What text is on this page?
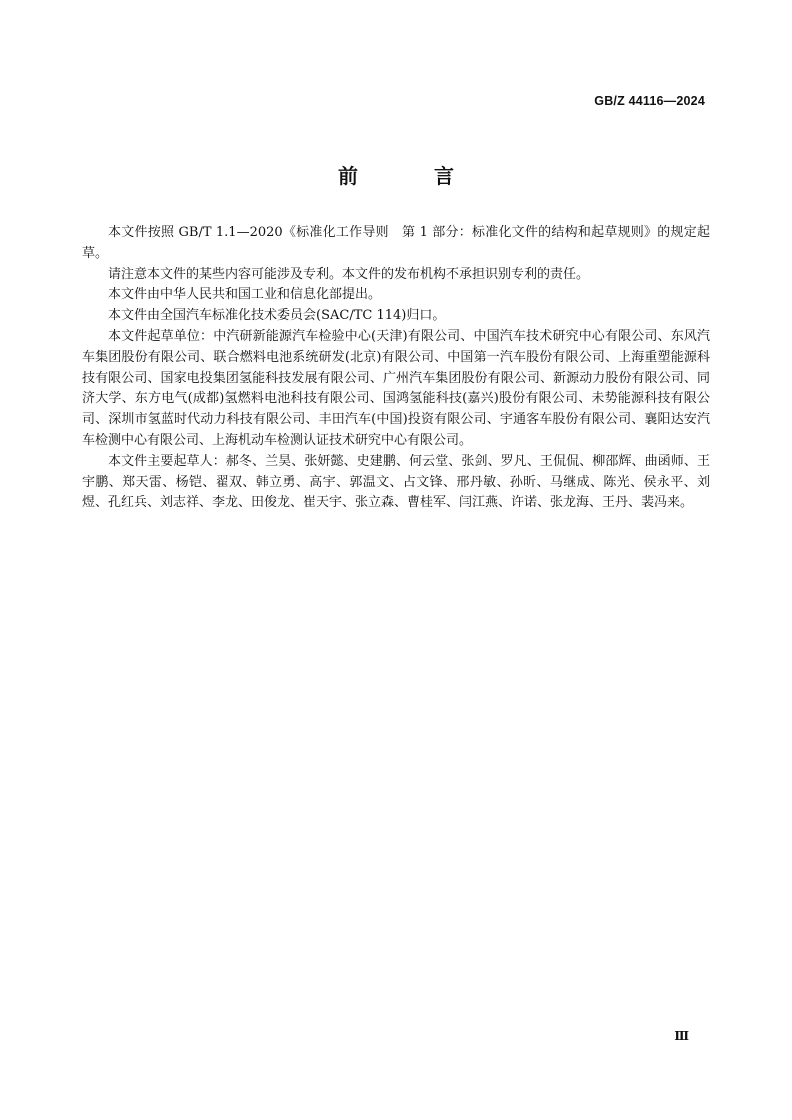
GB/Z 44116—2024
前　言

本文件按照 GB/T 1.1—2020《标准化工作导则　第 1 部分：标准化文件的结构和起草规则》的规定起草。

请注意本文件的某些内容可能涉及专利。本文件的发布机构不承担识别专利的责任。

本文件由中华人民共和国工业和信息化部提出。

本文件由全国汽车标准化技术委员会(SAC/TC 114)归口。

本文件起草单位：中汽研新能源汽车检验中心(天津)有限公司、中国汽车技术研究中心有限公司、东风汽车集团股份有限公司、联合燃料电池系统研发(北京)有限公司、中国第一汽车股份有限公司、上海重塑能源科技有限公司、国家电投集团氢能科技发展有限公司、广州汽车集团股份有限公司、新源动力股份有限公司、同济大学、东方电气(成都)氢燃料电池科技有限公司、国鸿氢能科技(嘉兴)股份有限公司、未势能源科技有限公司、深圳市氢蓝时代动力科技有限公司、丰田汽车(中国)投资有限公司、宇通客车股份有限公司、襄阳达安汽车检测中心有限公司、上海机动车检测认证技术研究中心有限公司。

本文件主要起草人：郝冬、兰昊、张妍懿、史建鹏、何云堂、张剑、罗凡、王侃侃、柳邵辉、曲函师、王宇鹏、郑天雷、杨铠、翟双、韩立勇、高宇、郭温文、占文锋、邢丹敏、孙昕、马继成、陈光、侯永平、刘煜、孔红兵、刘志祥、李龙、田俊龙、崔天宇、张立森、曹桂军、闫江燕、许诺、张龙海、王丹、裴冯来。

Ⅲ
